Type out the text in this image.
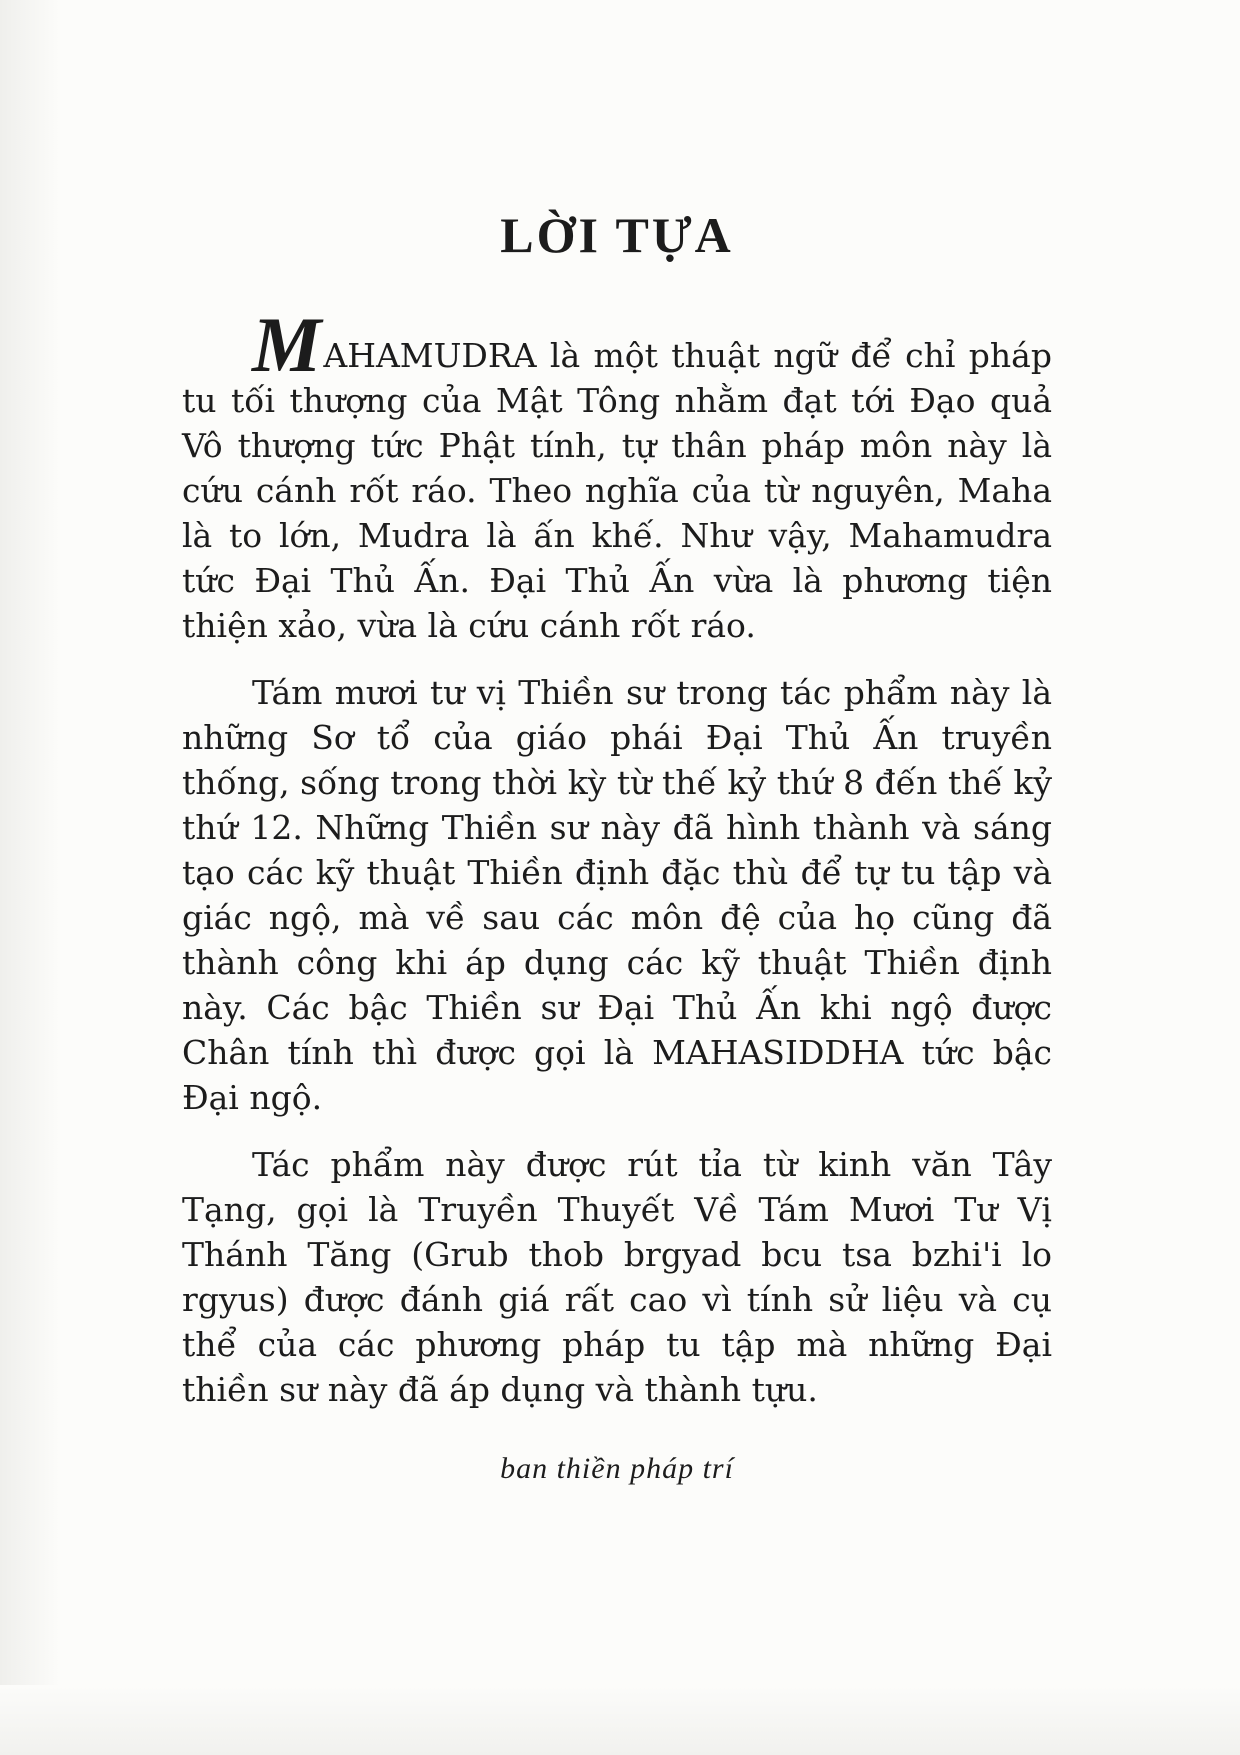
LỜI TỰA

MAHAMUDRA là một thuật ngữ để chỉ pháp tu tối thượng của Mật Tông nhằm đạt tới Đạo quả Vô thượng tức Phật tính, tự thân pháp môn này là cứu cánh rốt ráo. Theo nghĩa của từ nguyên, Maha là to lớn, Mudra là ấn khế. Như vậy, Mahamudra tức Đại Thủ Ấn. Đại Thủ Ấn vừa là phương tiện thiện xảo, vừa là cứu cánh rốt ráo.

Tám mươi tư vị Thiền sư trong tác phẩm này là những Sơ tổ của giáo phái Đại Thủ Ấn truyền thống, sống trong thời kỳ từ thế kỷ thứ 8 đến thế kỷ thứ 12. Những Thiền sư này đã hình thành và sáng tạo các kỹ thuật Thiền định đặc thù để tự tu tập và giác ngộ, mà về sau các môn đệ của họ cũng đã thành công khi áp dụng các kỹ thuật Thiền định này. Các bậc Thiền sư Đại Thủ Ấn khi ngộ được Chân tính thì được gọi là MAHASIDDHA tức bậc Đại ngộ.

Tác phẩm này được rút tỉa từ kinh văn Tây Tạng, gọi là Truyền Thuyết Về Tám Mươi Tư Vị Thánh Tăng (Grub thob brgyad bcu tsa bzhi'i lo rgyus) được đánh giá rất cao vì tính sử liệu và cụ thể của các phương pháp tu tập mà những Đại thiền sư này đã áp dụng và thành tựu.

ban thiền pháp trí
